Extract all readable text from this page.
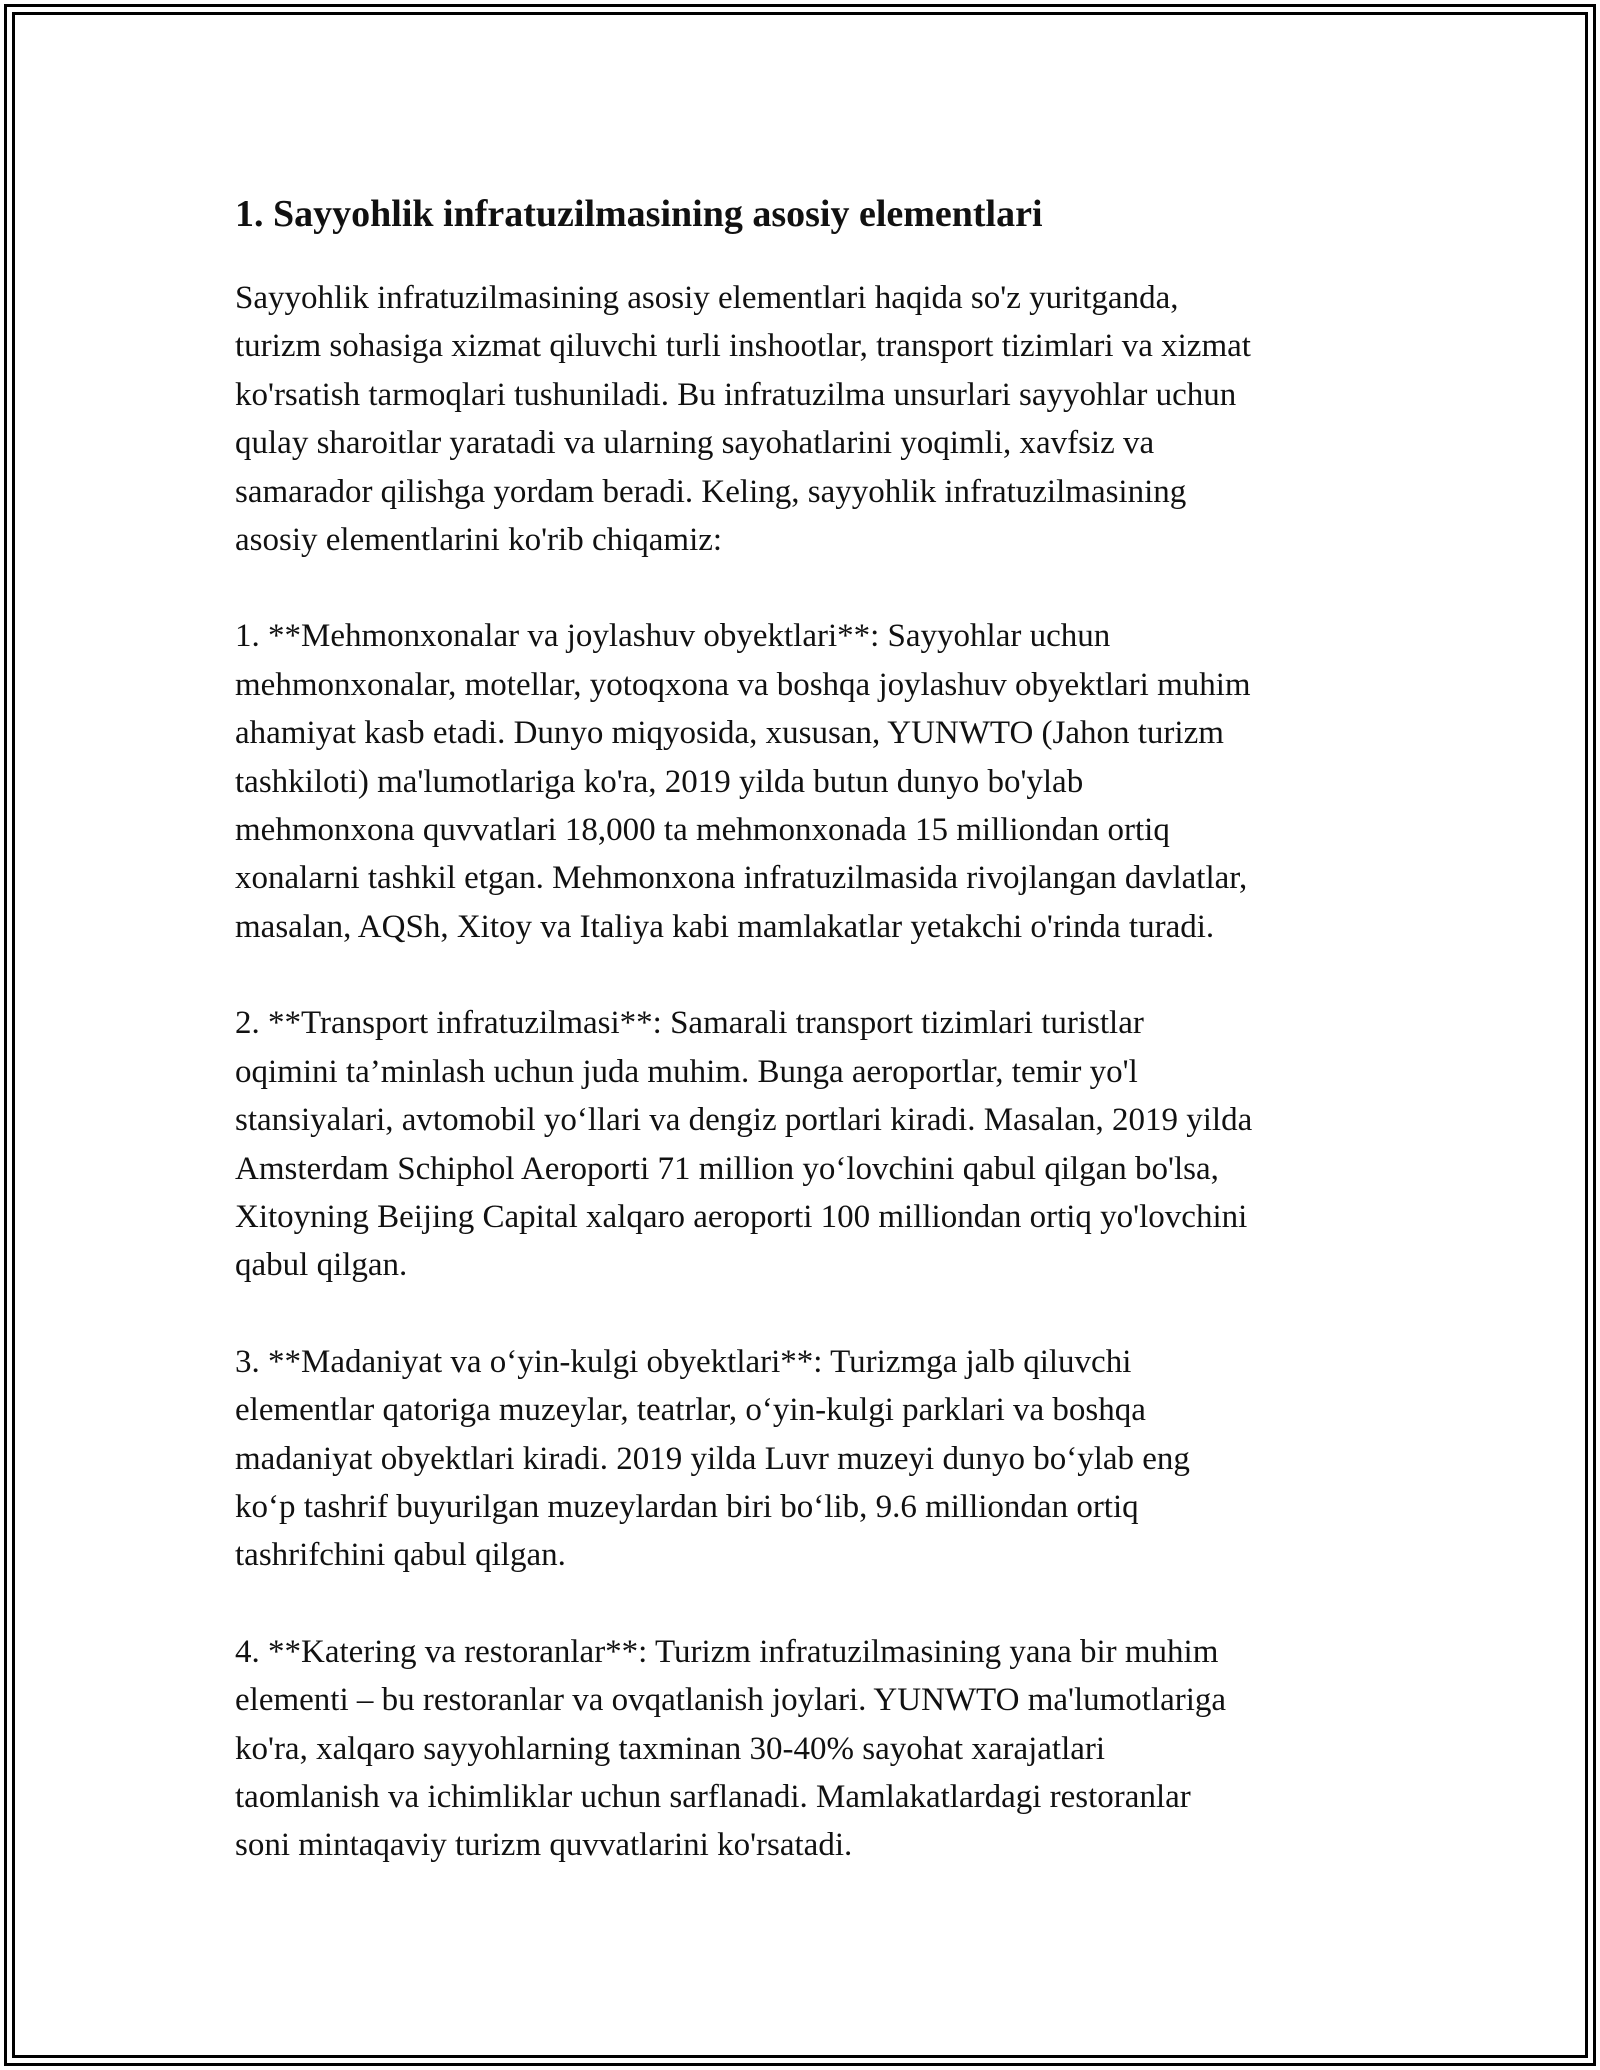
1. Sayyohlik infratuzilmasining asosiy elementlari

Sayyohlik infratuzilmasining asosiy elementlari haqida so'z yuritganda,
turizm sohasiga xizmat qiluvchi turli inshootlar, transport tizimlari va xizmat
ko'rsatish tarmoqlari tushuniladi. Bu infratuzilma unsurlari sayyohlar uchun
qulay sharoitlar yaratadi va ularning sayohatlarini yoqimli, xavfsiz va
samarador qilishga yordam beradi. Keling, sayyohlik infratuzilmasining
asosiy elementlarini ko'rib chiqamiz:

1. **Mehmonxonalar va joylashuv obyektlari**: Sayyohlar uchun
mehmonxonalar, motellar, yotoqxona va boshqa joylashuv obyektlari muhim
ahamiyat kasb etadi. Dunyo miqyosida, xususan, YUNWTO (Jahon turizm
tashkiloti) ma'lumotlariga ko'ra, 2019 yilda butun dunyo bo'ylab
mehmonxona quvvatlari 18,000 ta mehmonxonada 15 milliondan ortiq
xonalarni tashkil etgan. Mehmonxona infratuzilmasida rivojlangan davlatlar,
masalan, AQSh, Xitoy va Italiya kabi mamlakatlar yetakchi o'rinda turadi.

2. **Transport infratuzilmasi**: Samarali transport tizimlari turistlar
oqimini ta’minlash uchun juda muhim. Bunga aeroportlar, temir yo'l
stansiyalari, avtomobil yo‘llari va dengiz portlari kiradi. Masalan, 2019 yilda
Amsterdam Schiphol Aeroporti 71 million yo‘lovchini qabul qilgan bo'lsa,
Xitoyning Beijing Capital xalqaro aeroporti 100 milliondan ortiq yo'lovchini
qabul qilgan.

3. **Madaniyat va o‘yin-kulgi obyektlari**: Turizmga jalb qiluvchi
elementlar qatoriga muzeylar, teatrlar, o‘yin-kulgi parklari va boshqa
madaniyat obyektlari kiradi. 2019 yilda Luvr muzeyi dunyo bo‘ylab eng
ko‘p tashrif buyurilgan muzeylardan biri bo‘lib, 9.6 milliondan ortiq
tashrifchini qabul qilgan.

4. **Katering va restoranlar**: Turizm infratuzilmasining yana bir muhim
elementi – bu restoranlar va ovqatlanish joylari. YUNWTO ma'lumotlariga
ko'ra, xalqaro sayyohlarning taxminan 30-40% sayohat xarajatlari
taomlanish va ichimliklar uchun sarflanadi. Mamlakatlardagi restoranlar
soni mintaqaviy turizm quvvatlarini ko'rsatadi.
